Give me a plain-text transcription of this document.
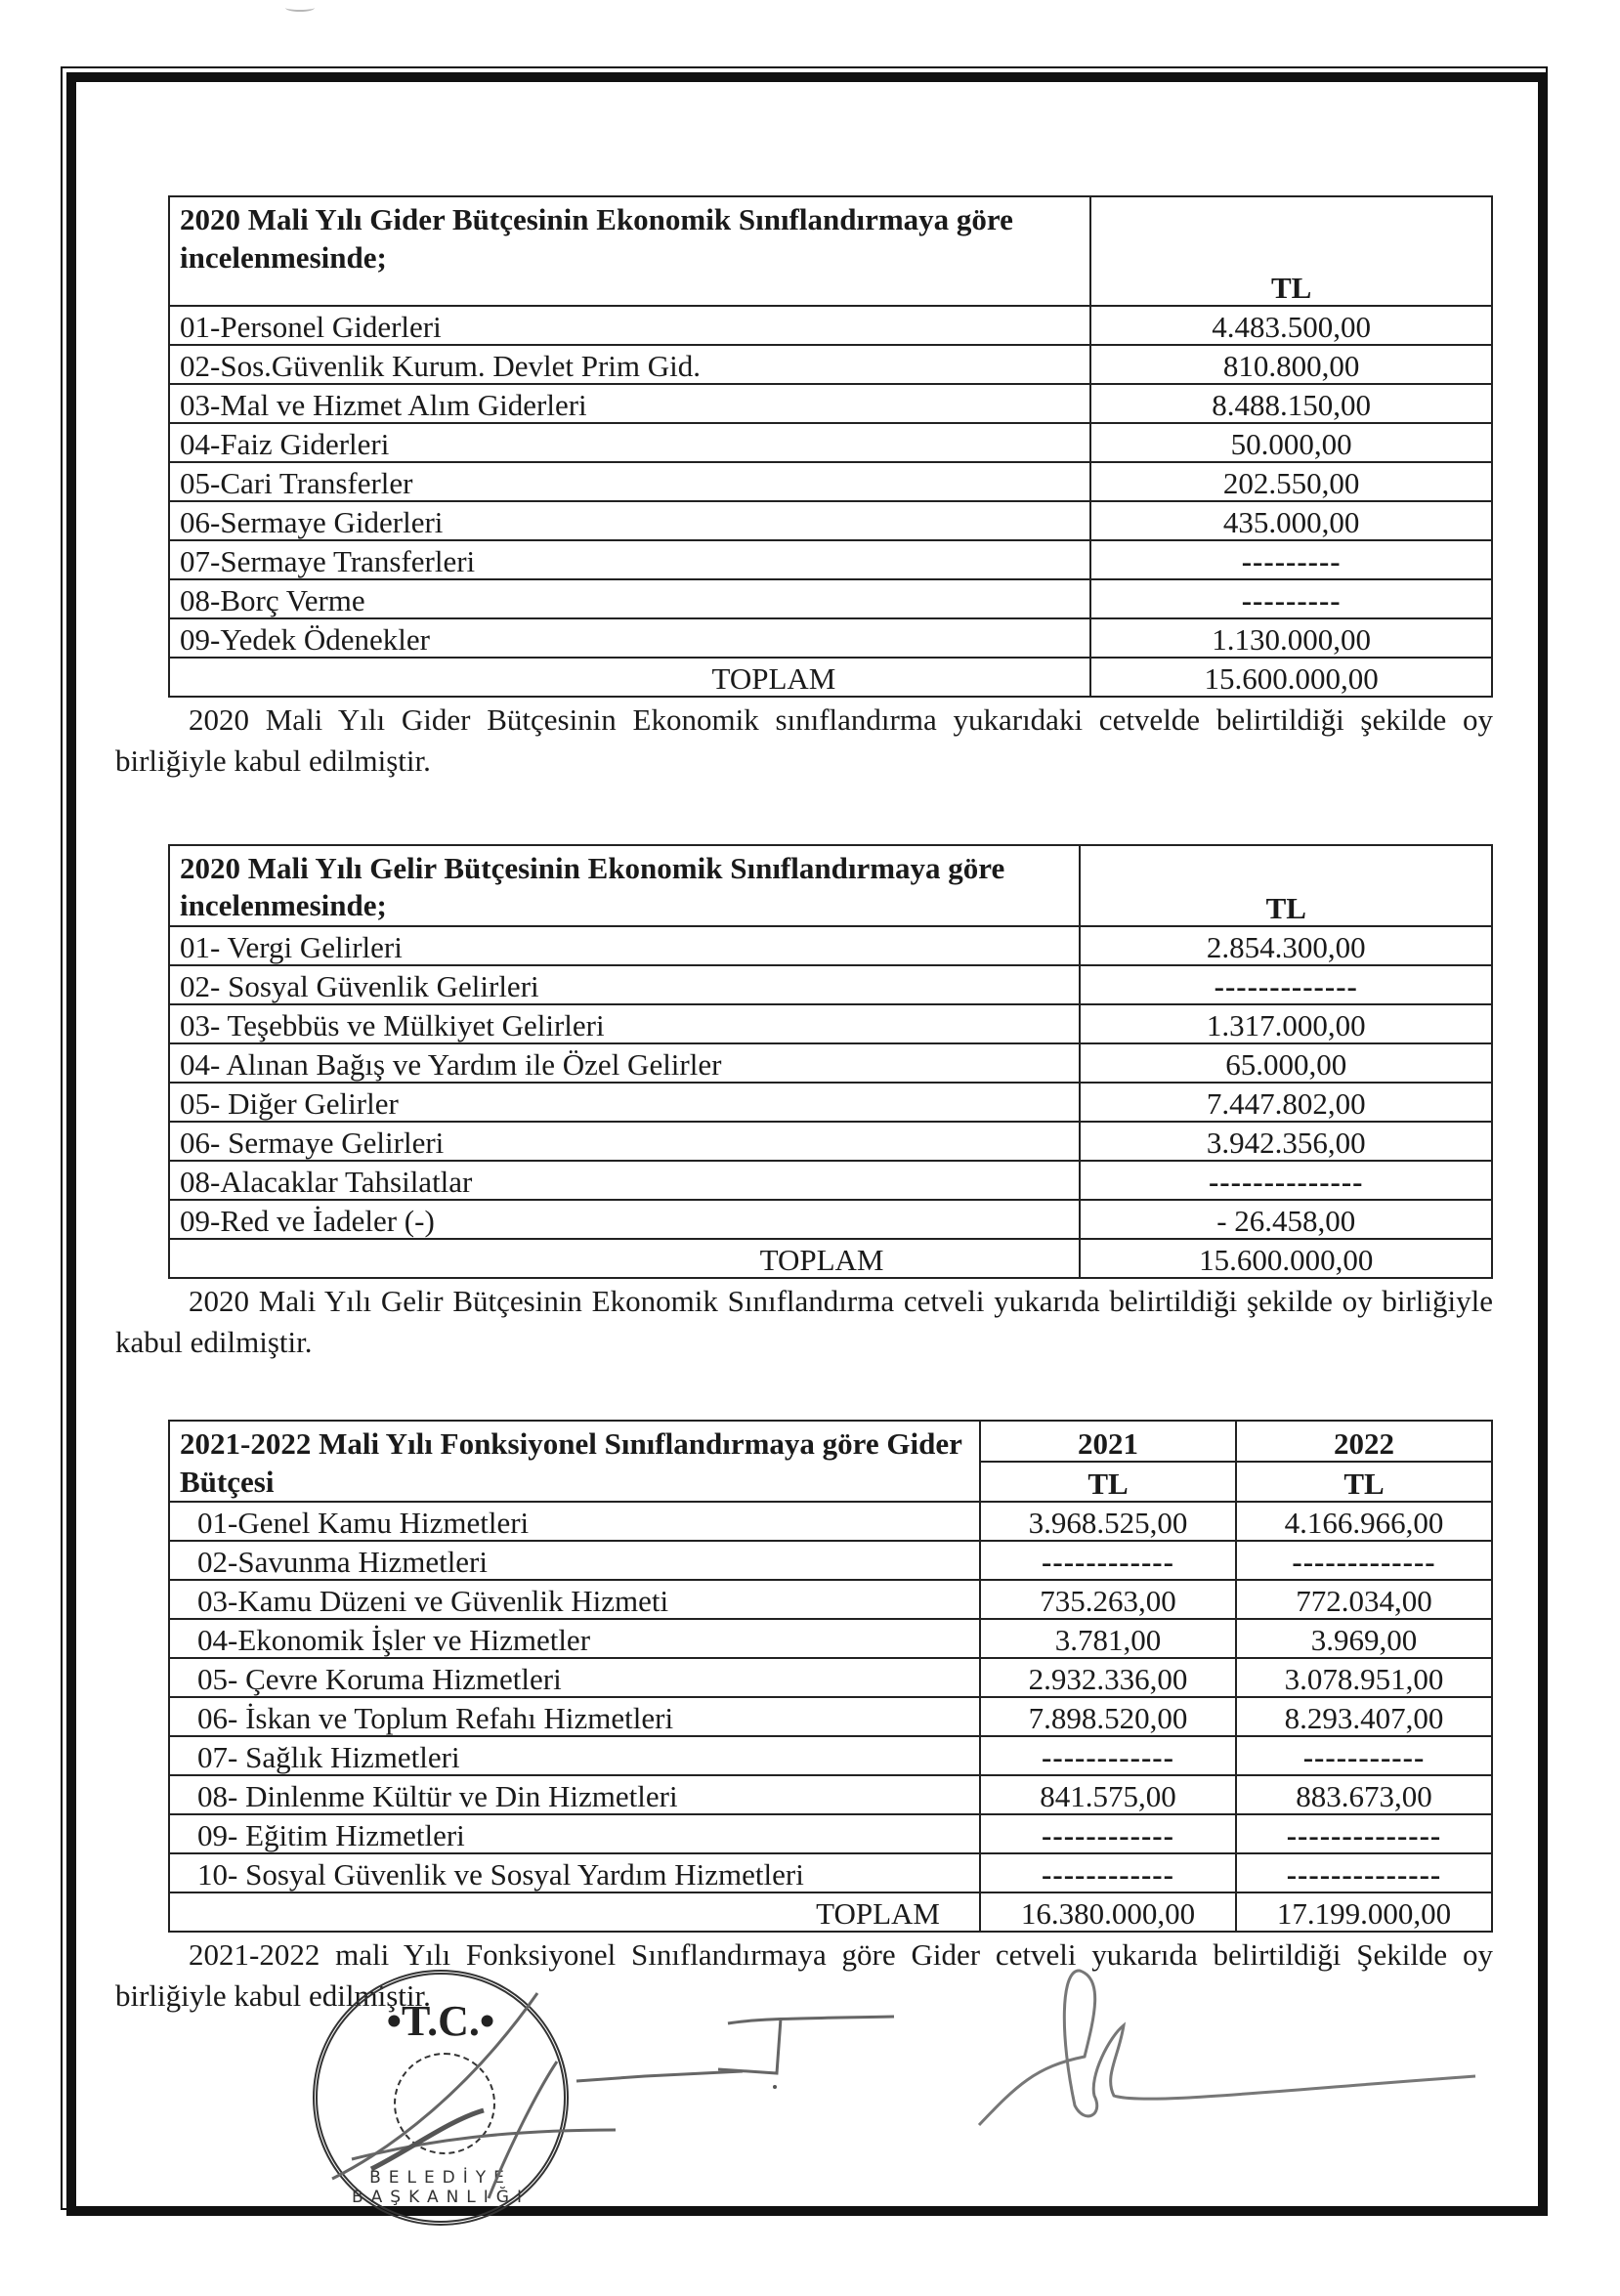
2020 Mali Yılı Gider Bütçesinin Ekonomik Sınıflandırmaya göre incelenmesinde;	TL
01-Personel Giderleri	4.483.500,00
02-Sos.Güvenlik Kurum. Devlet Prim Gid.	810.800,00
03-Mal ve Hizmet Alım Giderleri	8.488.150,00
04-Faiz Giderleri	50.000,00
05-Cari Transferler	202.550,00
06-Sermaye Giderleri	435.000,00
07-Sermaye Transferleri	---------
08-Borç Verme	---------
09-Yedek Ödenekler	1.130.000,00
TOPLAM	15.600.000,00

2020 Mali Yılı Gider Bütçesinin Ekonomik sınıflandırma yukarıdaki cetvelde belirtildiği şekilde oy birliğiyle kabul edilmiştir.

2020 Mali Yılı Gelir Bütçesinin Ekonomik Sınıflandırmaya göre incelenmesinde;	TL
01- Vergi Gelirleri	2.854.300,00
02- Sosyal Güvenlik Gelirleri	-------------
03- Teşebbüs ve Mülkiyet Gelirleri	1.317.000,00
04- Alınan Bağış ve Yardım ile Özel Gelirler	65.000,00
05- Diğer Gelirler	7.447.802,00
06- Sermaye Gelirleri	3.942.356,00
08-Alacaklar Tahsilatlar	--------------
09-Red ve İadeler (-)	- 26.458,00
TOPLAM	15.600.000,00

2020 Mali Yılı Gelir Bütçesinin Ekonomik Sınıflandırma cetveli yukarıda belirtildiği şekilde oy birliğiyle kabul edilmiştir.

2021-2022 Mali Yılı Fonksiyonel Sınıflandırmaya göre Gider Bütçesi	2021	2022
	TL	TL
01-Genel Kamu Hizmetleri	3.968.525,00	4.166.966,00
02-Savunma Hizmetleri	------------	-------------
03-Kamu Düzeni ve Güvenlik Hizmeti	735.263,00	772.034,00
04-Ekonomik İşler ve Hizmetler	3.781,00	3.969,00
05- Çevre Koruma Hizmetleri	2.932.336,00	3.078.951,00
06- İskan ve Toplum Refahı Hizmetleri	7.898.520,00	8.293.407,00
07- Sağlık Hizmetleri	------------	-----------
08- Dinlenme Kültür ve Din Hizmetleri	841.575,00	883.673,00
09- Eğitim Hizmetleri	------------	--------------
10- Sosyal Güvenlik ve Sosyal Yardım Hizmetleri	------------	--------------
TOPLAM	16.380.000,00	17.199.000,00

2021-2022 mali Yılı Fonksiyonel Sınıflandırmaya göre Gider cetveli yukarıda belirtildiği Şekilde oy birliğiyle kabul edilmiştir.

•T.C.•
BELEDİYE BAŞKANLIĞI
